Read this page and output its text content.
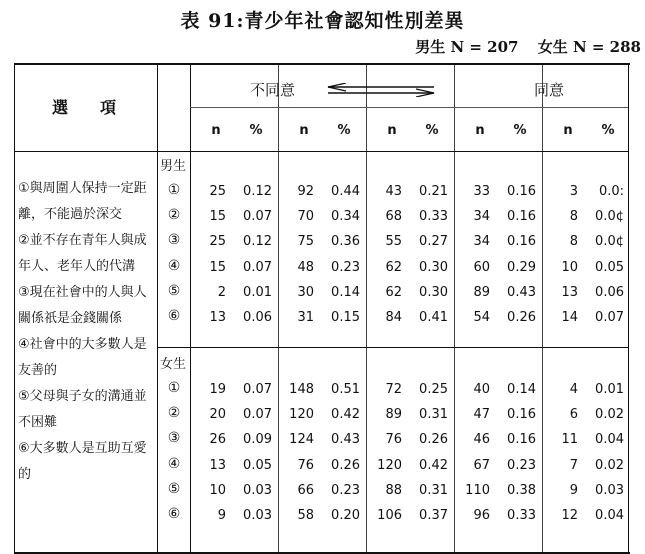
表 91:青少年社會認知性別差異
男生 N = 207 女生 N = 288
選　　項
不同意	同意
男生
女生
n	%	n	%	n	%	n	%	n	%
①與周圍人保持一定距
離，不能過於深交
②並不存在青年人與成
年人、老年人的代溝
③現在社會中的人與人
關係祇是金錢關係
④社會中的大多數人是
友善的
⑤父母與子女的溝通並
不困難
⑥大多數人是互助互愛
的
①	25	0.12	92	0.44	43	0.21	33	0.16	3	0.0:
②	15	0.07	70	0.34	68	0.33	34	0.16	8	0.0¢
③	25	0.12	75	0.36	55	0.27	34	0.16	8	0.0¢
④	15	0.07	48	0.23	62	0.30	60	0.29	10	0.05
⑤	2	0.01	30	0.14	62	0.30	89	0.43	13	0.06
⑥	13	0.06	31	0.15	84	0.41	54	0.26	14	0.07
①	19	0.07	148	0.51	72	0.25	40	0.14	4	0.01
②	20	0.07	120	0.42	89	0.31	47	0.16	6	0.02
③	26	0.09	124	0.43	76	0.26	46	0.16	11	0.04
④	13	0.05	76	0.26	120	0.42	67	0.23	7	0.02
⑤	10	0.03	66	0.23	88	0.31	110	0.38	9	0.03
⑥	9	0.03	58	0.20	106	0.37	96	0.33	12	0.04
